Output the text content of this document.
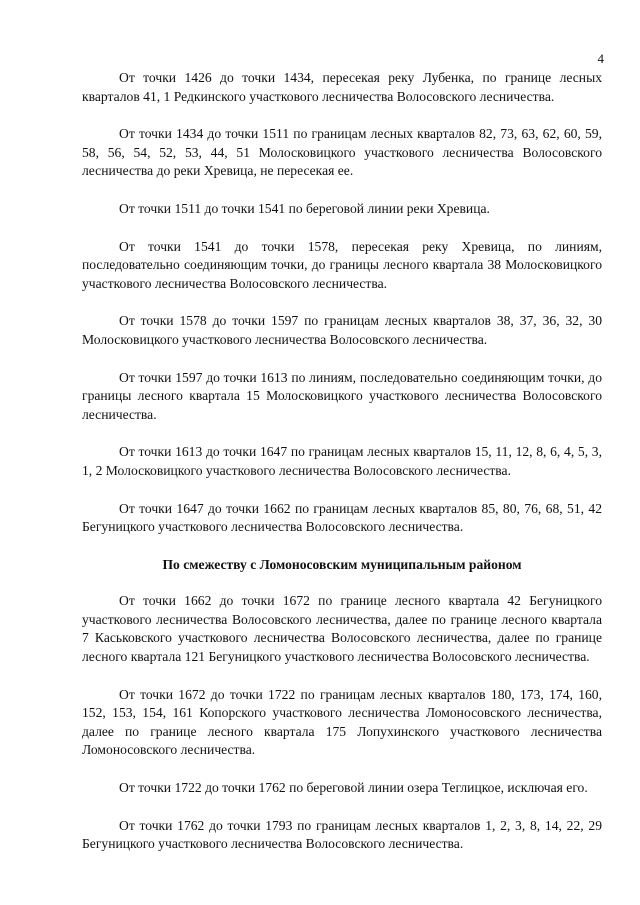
4

От точки 1426 до точки 1434, пересекая реку Лубенка, по границе лесных кварталов 41, 1 Редкинского участкового лесничества Волосовского лесничества.

От точки 1434 до точки 1511 по границам лесных кварталов 82, 73, 63, 62, 60, 59, 58, 56, 54, 52, 53, 44, 51 Молосковицкого участкового лесничества Волосовского лесничества до реки Хревица, не пересекая ее.

От точки 1511 до точки 1541 по береговой линии реки Хревица.

От точки 1541 до точки 1578, пересекая реку Хревица, по линиям, последовательно соединяющим точки, до границы лесного квартала 38 Молосковицкого участкового лесничества Волосовского лесничества.

От точки 1578 до точки 1597 по границам лесных кварталов 38, 37, 36, 32, 30 Молосковицкого участкового лесничества Волосовского лесничества.

От точки 1597 до точки 1613 по линиям, последовательно соединяющим точки, до границы лесного квартала 15 Молосковицкого участкового лесничества Волосовского лесничества.

От точки 1613 до точки 1647 по границам лесных кварталов 15, 11, 12, 8, 6, 4, 5, 3, 1, 2 Молосковицкого участкового лесничества Волосовского лесничества.

От точки 1647 до точки 1662 по границам лесных кварталов 85, 80, 76, 68, 51, 42 Бегуницкого участкового лесничества Волосовского лесничества.

По смежеству с Ломоносовским муниципальным районом

От точки 1662 до точки 1672 по границе лесного квартала 42 Бегуницкого участкового лесничества Волосовского лесничества, далее по границе лесного квартала 7 Каськовского участкового лесничества Волосовского лесничества, далее по границе лесного квартала 121 Бегуницкого участкового лесничества Волосовского лесничества.

От точки 1672 до точки 1722 по границам лесных кварталов 180, 173, 174, 160, 152, 153, 154, 161 Копорского участкового лесничества Ломоносовского лесничества, далее по границе лесного квартала 175 Лопухинского участкового лесничества Ломоносовского лесничества.

От точки 1722 до точки 1762 по береговой линии озера Теглицкое, исключая его.

От точки 1762 до точки 1793 по границам лесных кварталов 1, 2, 3, 8, 14, 22, 29 Бегуницкого участкового лесничества Волосовского лесничества.
